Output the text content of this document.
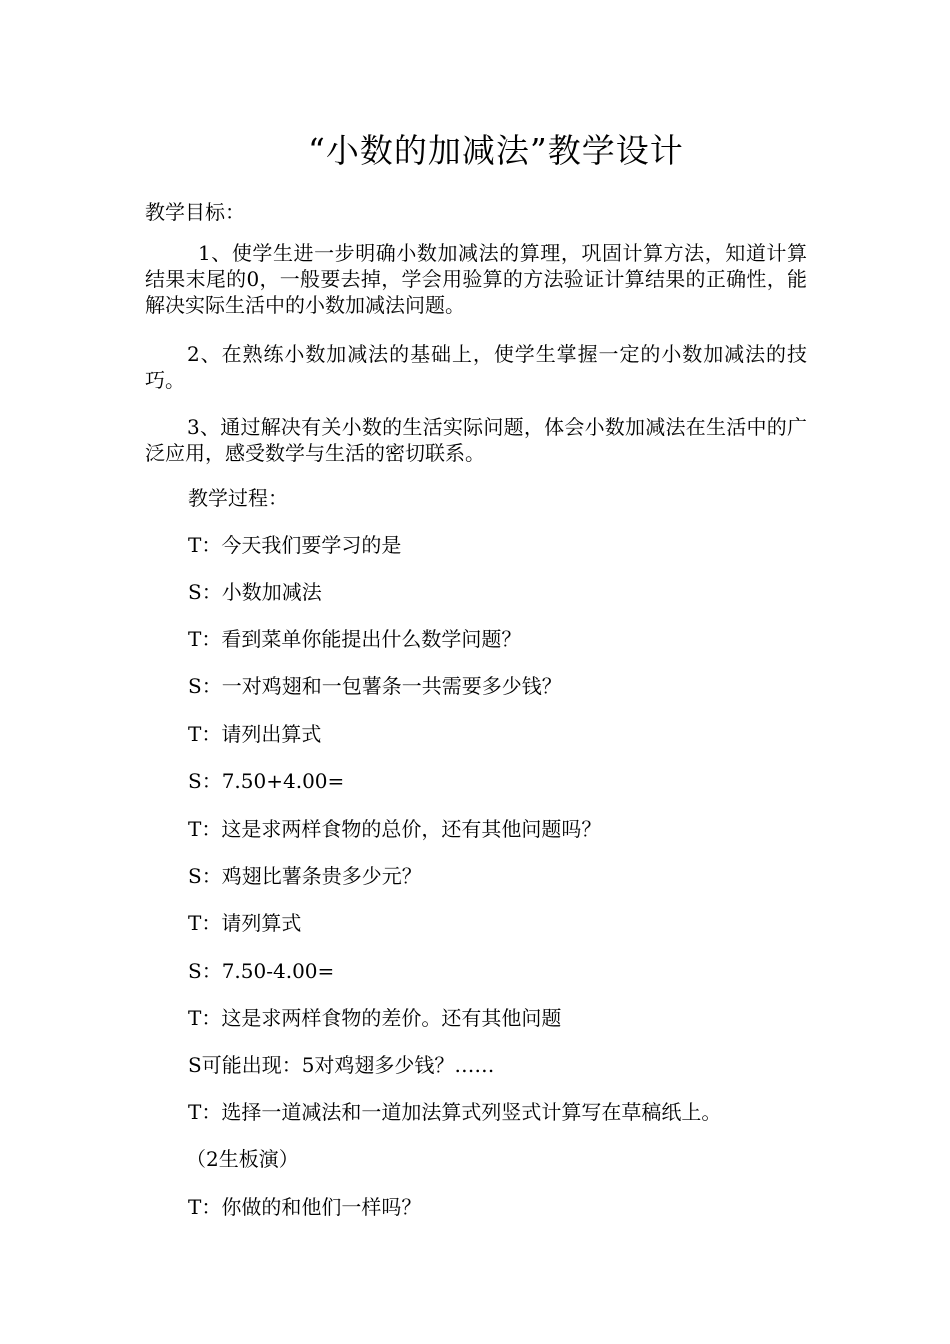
“小数的加减法”教学设计
教学目标：

1、使学生进一步明确小数加减法的算理，巩固计算方法，知道计算结果末尾的0，一般要去掉，学会用验算的方法验证计算结果的正确性，能解决实际生活中的小数加减法问题。

2、在熟练小数加减法的基础上，使学生掌握一定的小数加减法的技巧。

3、通过解决有关小数的生活实际问题，体会小数加减法在生活中的广泛应用，感受数学与生活的密切联系。

教学过程：
T：今天我们要学习的是
S：小数加减法
T：看到菜单你能提出什么数学问题？
S：一对鸡翅和一包薯条一共需要多少钱？
T：请列出算式
S：7.50+4.00=
T：这是求两样食物的总价，还有其他问题吗？
S：鸡翅比薯条贵多少元？
T：请列算式
S：7.50-4.00=
T：这是求两样食物的差价。还有其他问题
S可能出现：5对鸡翅多少钱？……
T：选择一道减法和一道加法算式列竖式计算写在草稿纸上。
（2生板演）
T：你做的和他们一样吗？
